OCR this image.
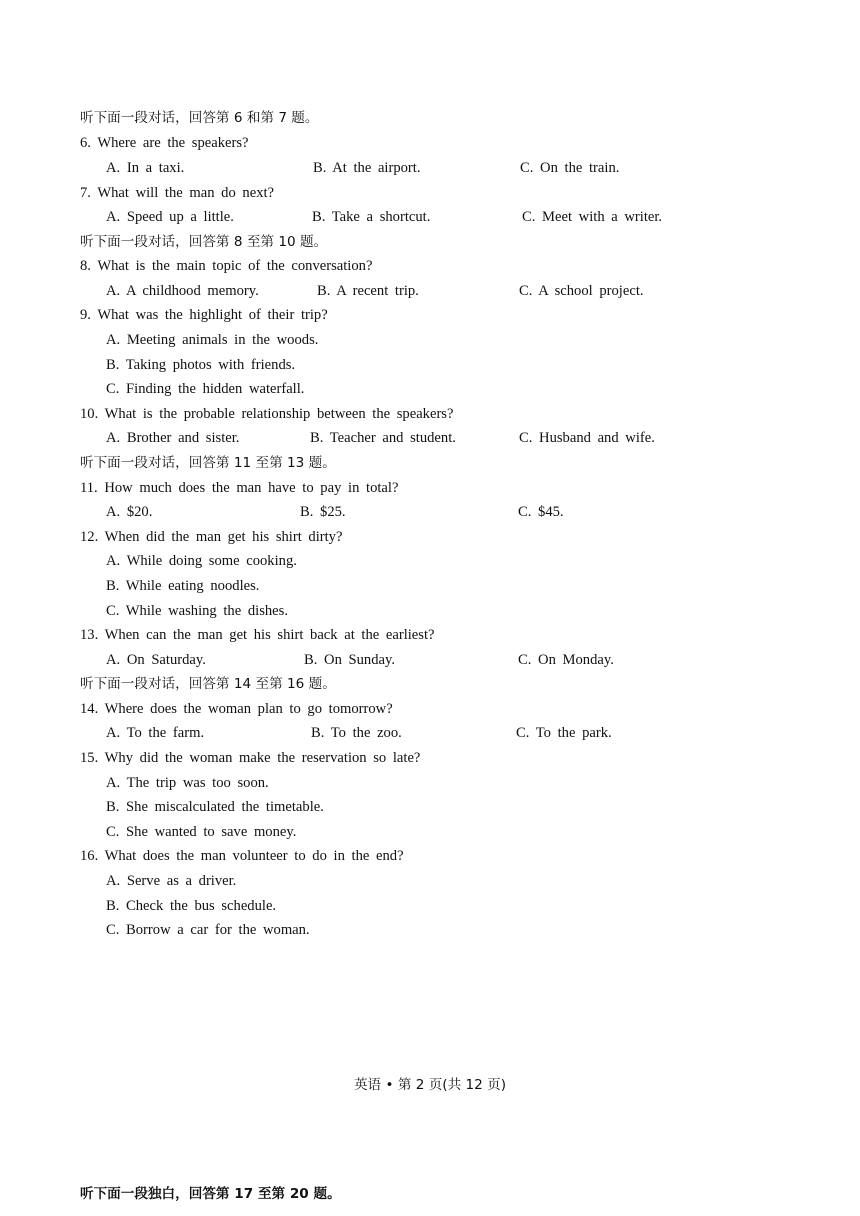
听下面一段对话，回答第 6 和第 7 题。
6. Where are the speakers?
A. In a taxi.	B. At the airport.	C. On the train.
7. What will the man do next?
A. Speed up a little.	B. Take a shortcut.	C. Meet with a writer.
听下面一段对话，回答第 8 至第 10 题。
8. What is the main topic of the conversation?
A. A childhood memory.	B. A recent trip.	C. A school project.
9. What was the highlight of their trip?
A. Meeting animals in the woods.
B. Taking photos with friends.
C. Finding the hidden waterfall.
10. What is the probable relationship between the speakers?
A. Brother and sister.	B. Teacher and student.	C. Husband and wife.
听下面一段对话，回答第 11 至第 13 题。
11. How much does the man have to pay in total?
A. $20.	B. $25.	C. $45.
12. When did the man get his shirt dirty?
A. While doing some cooking.
B. While eating noodles.
C. While washing the dishes.
13. When can the man get his shirt back at the earliest?
A. On Saturday.	B. On Sunday.	C. On Monday.
听下面一段对话，回答第 14 至第 16 题。
14. Where does the woman plan to go tomorrow?
A. To the farm.	B. To the zoo.	C. To the park.
15. Why did the woman make the reservation so late?
A. The trip was too soon.
B. She miscalculated the timetable.
C. She wanted to save money.
16. What does the man volunteer to do in the end?
A. Serve as a driver.
B. Check the bus schedule.
C. Borrow a car for the woman.
英语 • 第 2 页(共 12 页)
听下面一段独白，回答第 17 至第 20 题。
